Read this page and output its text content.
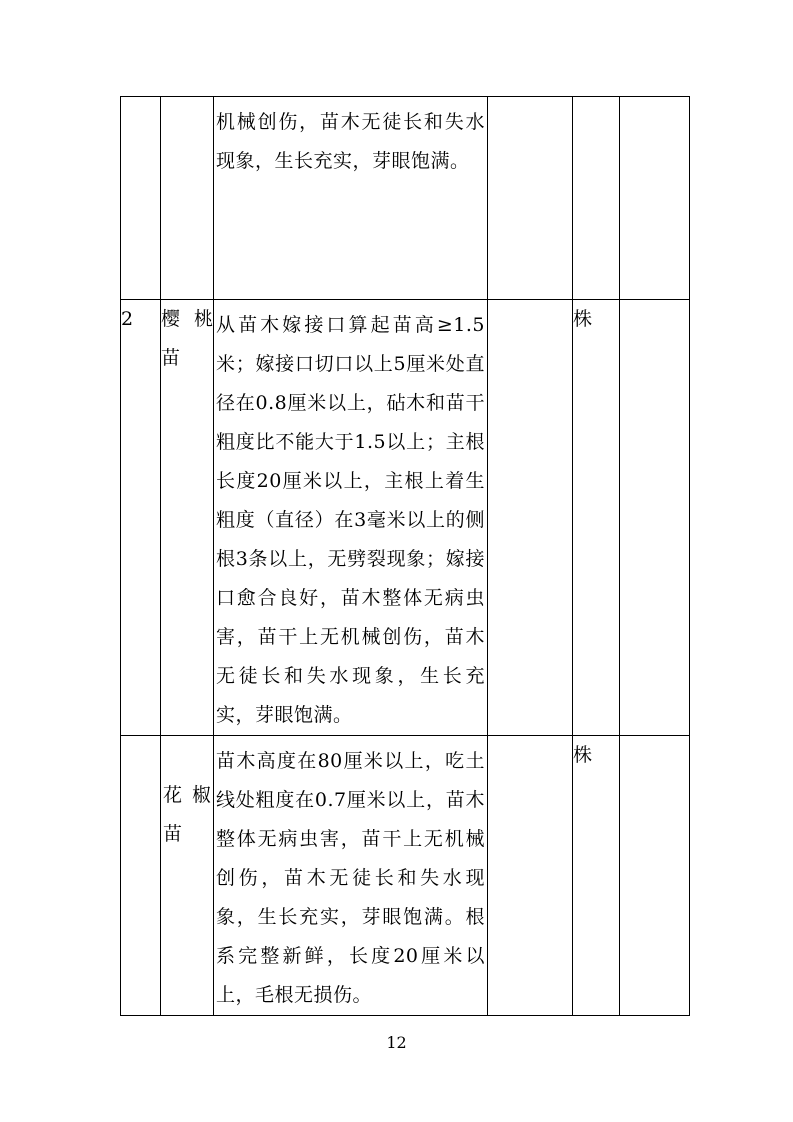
		机械创伤，苗木无徒长和失水现象，生长充实，芽眼饱满。			

2	樱桃苗	从苗木嫁接口算起苗高≥1.5米；嫁接口切口以上5厘米处直径在0.8厘米以上，砧木和苗干粗度比不能大于1.5以上；主根长度20厘米以上，主根上着生粗度（直径）在3毫米以上的侧根3条以上，无劈裂现象；嫁接口愈合良好，苗木整体无病虫害，苗干上无机械创伤，苗木无徒长和失水现象，生长充实，芽眼饱满。		株	

	花 椒苗	苗木高度在80厘米以上，吃土线处粗度在0.7厘米以上，苗木整体无病虫害，苗干上无机械创伤，苗木无徒长和失水现象，生长充实，芽眼饱满。根系完整新鲜，长度20厘米以上，毛根无损伤。		株	
12
